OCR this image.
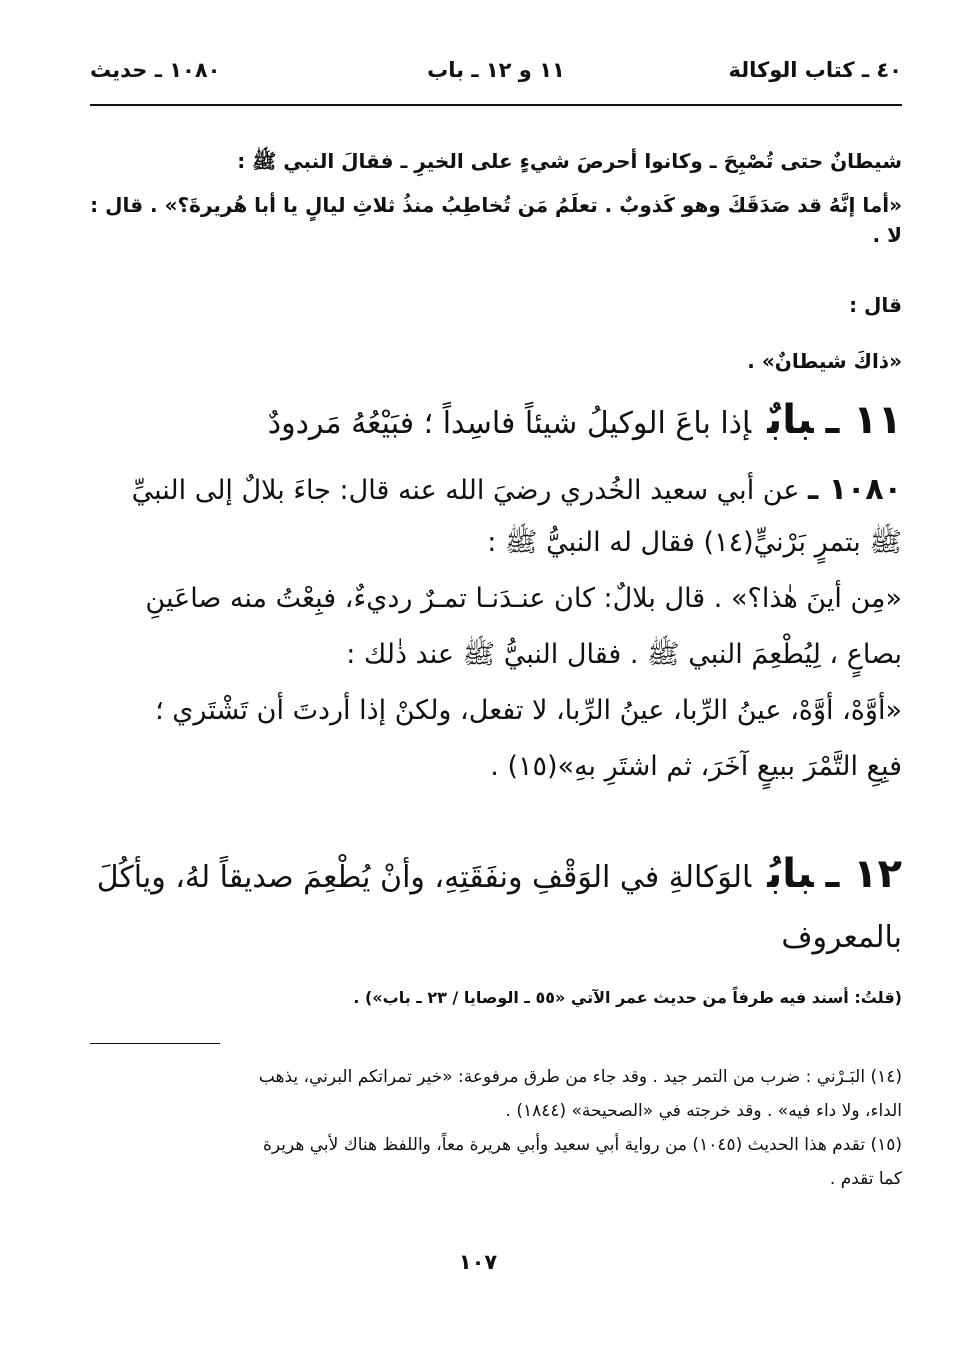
٤٠ ـ كتاب الوكالة
١١ و ١٢ ـ باب
١٠٨٠ ـ حديث

شيطانٌ حتى تُصْبِحَ ـ وكانوا أحرصَ شيءٍ على الخيرِ ـ فقالَ النبي ﷺ :

«أما إنَّهُ قد صَدَقَكَ وهو كَذوبٌ . تعلَمُ مَن تُخاطِبُ منذُ ثلاثِ ليالٍ يا أبا هُريرةَ؟» . قال : لا .

قال :

«ذاكَ شيطانٌ» .

١١ ـبابٌإذا باعَ الوكيلُ شيئاً فاسِداً ؛ فبَيْعُهُ مَردودٌ

١٠٨٠ ـ عن أبي سعيد الخُدري رضيَ الله عنه قال: جاءَ بلالٌ إلى النبيِّ

ﷺ بتمرٍ بَرْنيٍّ(١٤) فقال له النبيُّ ﷺ :

«مِن أينَ هٰذا؟» . قال بلالٌ: كان عنـدَنـا تمـرٌ رديءٌ، فبِعْتُ منه صاعَينِ

بصاعٍ ، لِيُطْعِمَ النبي ﷺ . فقال النبيُّ ﷺ عند ذٰلك :

«أوَّهْ، أوَّهْ، عينُ الرِّبا، عينُ الرِّبا، لا تفعل، ولكنْ إذا أردتَ أن تَشْتَري ؛

فبِعِ التَّمْرَ ببيعٍ آخَرَ، ثم اشتَرِ بهِ»(١٥) .

١٢ ـبابُالوَكالةِ في الوَقْفِ ونفَقَتِهِ، وأنْ يُطْعِمَ صديقاً لهُ، ويأكُلَ

بالمعروف

(قلتُ: أسند فيه طرفاً من حديث عمر الآتي «٥٥ ـ الوصايا / ٢٣ ـ باب») .

(١٤) البَـرْني : ضرب من التمر جيد . وقد جاء من طرق مرفوعة: «خير تمراتكم البرني، يذهب

الداء، ولا داء فيه» . وقد خرجته في «الصحيحة» (١٨٤٤) .

(١٥) تقدم هذا الحديث (١٠٤٥) من رواية أبي سعيد وأبي هريرة معاً، واللفظ هناك لأبي هريرة

كما تقدم .

١٠٧
